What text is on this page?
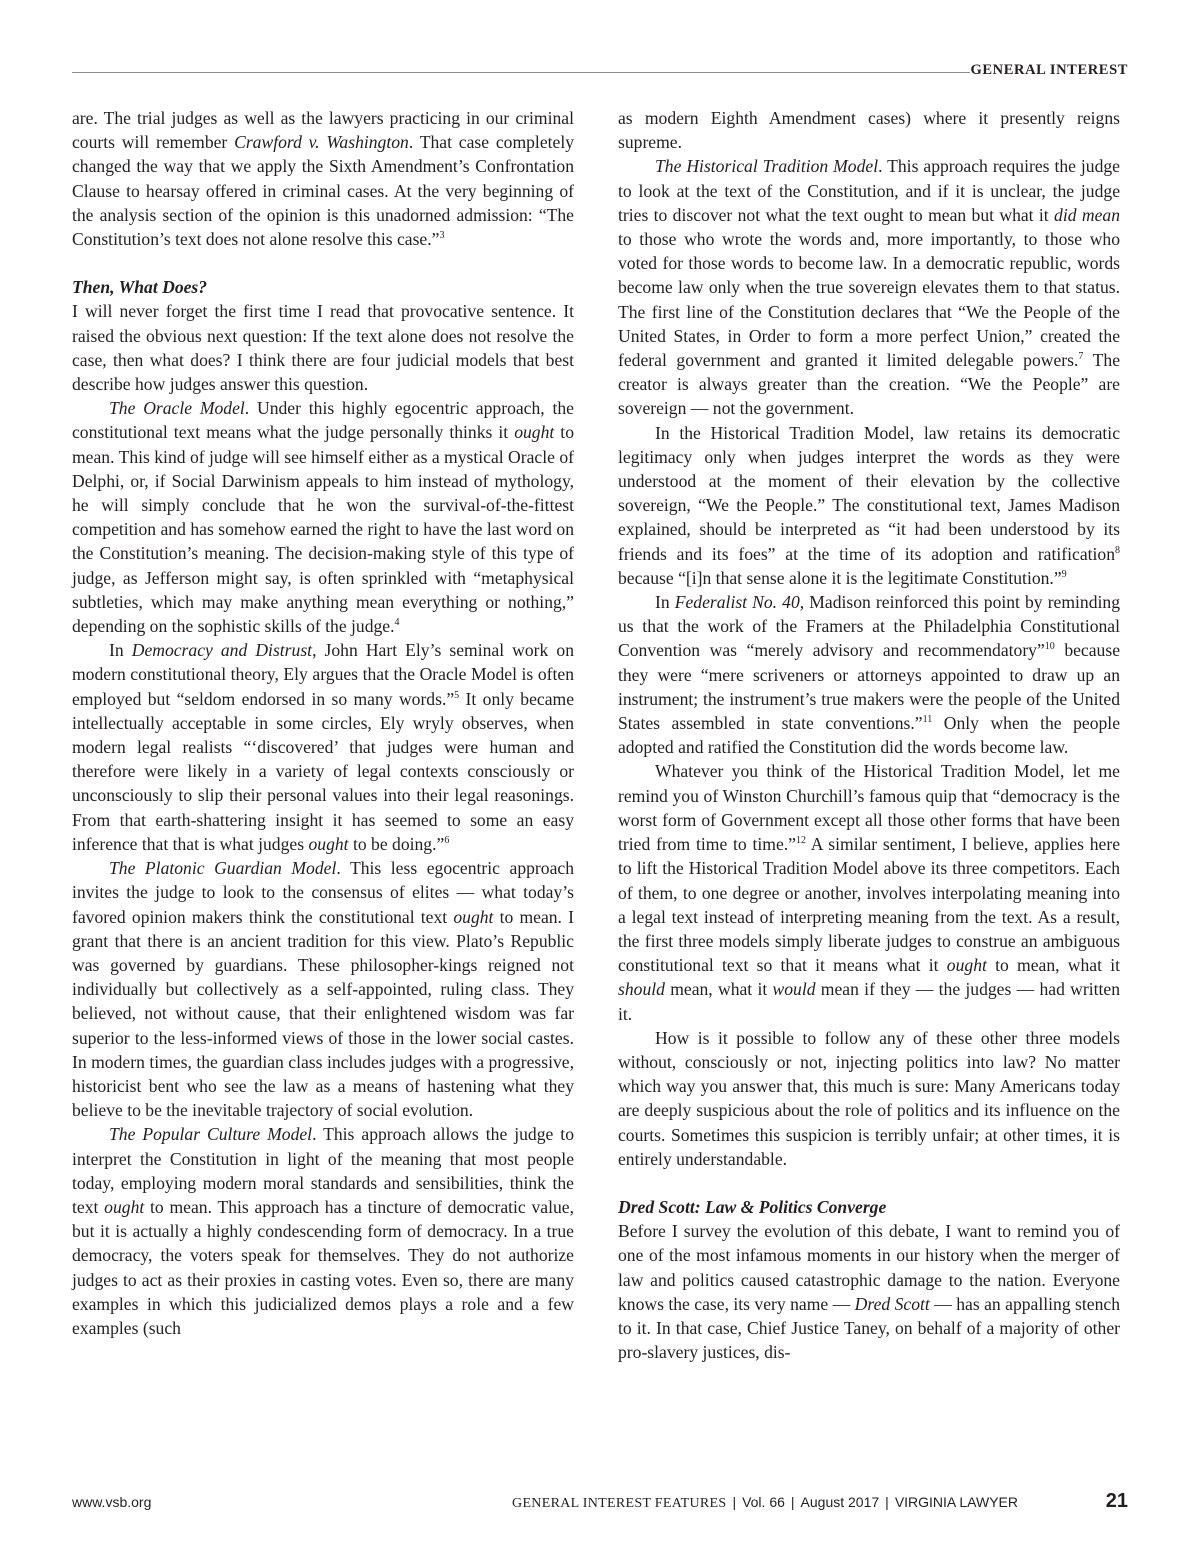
GENERAL INTEREST

are. The trial judges as well as the lawyers practicing in our criminal courts will remember Crawford v. Washington. That case completely changed the way that we apply the Sixth Amendment’s Confrontation Clause to hearsay offered in criminal cases. At the very beginning of the analysis section of the opinion is this unadorned admission: “The Constitution’s text does not alone resolve this case.”$^3$

Then, What Does?

I will never forget the first time I read that provocative sentence. It raised the obvious next question: If the text alone does not resolve the case, then what does? I think there are four judicial models that best describe how judges answer this question.

The Oracle Model. Under this highly egocentric approach, the constitutional text means what the judge personally thinks it ought to mean. This kind of judge will see himself either as a mystical Oracle of Delphi, or, if Social Darwinism appeals to him instead of mythology, he will simply conclude that he won the survival-of-the-fittest competition and has somehow earned the right to have the last word on the Constitution’s meaning. The decision-making style of this type of judge, as Jefferson might say, is often sprinkled with “metaphysical subtleties, which may make anything mean everything or nothing,” depending on the sophistic skills of the judge.$^4$

In Democracy and Distrust, John Hart Ely’s seminal work on modern constitutional theory, Ely argues that the Oracle Model is often employed but “seldom endorsed in so many words.”$^5$ It only became intellectually acceptable in some circles, Ely wryly observes, when modern legal realists “‘discovered’ that judges were human and therefore were likely in a variety of legal contexts consciously or unconsciously to slip their personal values into their legal reasonings. From that earth-shattering insight it has seemed to some an easy inference that that is what judges ought to be doing.”$^6$

The Platonic Guardian Model. This less egocentric approach invites the judge to look to the consensus of elites — what today’s favored opinion makers think the constitutional text ought to mean. I grant that there is an ancient tradition for this view. Plato’s Republic was governed by guardians. These philosopher-kings reigned not individually but collectively as a self-appointed, ruling class. They believed, not without cause, that their enlightened wisdom was far superior to the less-informed views of those in the lower social castes. In modern times, the guardian class includes judges with a progressive, historicist bent who see the law as a means of hastening what they believe to be the inevitable trajectory of social evolution.

The Popular Culture Model. This approach allows the judge to interpret the Constitution in light of the meaning that most people today, employing modern moral standards and sensibilities, think the text ought to mean. This approach has a tincture of democratic value, but it is actually a highly condescending form of democracy. In a true democracy, the voters speak for themselves. They do not authorize judges to act as their proxies in casting votes. Even so, there are many examples in which this judicialized demos plays a role and a few examples (such

as modern Eighth Amendment cases) where it presently reigns supreme.

The Historical Tradition Model. This approach requires the judge to look at the text of the Constitution, and if it is unclear, the judge tries to discover not what the text ought to mean but what it did mean to those who wrote the words and, more importantly, to those who voted for those words to become law. In a democratic republic, words become law only when the true sovereign elevates them to that status. The first line of the Constitution declares that “We the People of the United States, in Order to form a more perfect Union,” created the federal government and granted it limited delegable powers.$^7$ The creator is always greater than the creation. “We the People” are sovereign — not the government.

In the Historical Tradition Model, law retains its democratic legitimacy only when judges interpret the words as they were understood at the moment of their elevation by the collective sovereign, “We the People.” The constitutional text, James Madison explained, should be interpreted as “it had been understood by its friends and its foes” at the time of its adoption and ratification$^8$ because “[i]n that sense alone it is the legitimate Constitution.”$^9$

In Federalist No. 40, Madison reinforced this point by reminding us that the work of the Framers at the Philadelphia Constitutional Convention was “merely advisory and recommendatory”$^{10}$ because they were “mere scriveners or attorneys appointed to draw up an instrument; the instrument’s true makers were the people of the United States assembled in state conventions.”$^{11}$ Only when the people adopted and ratified the Constitution did the words become law.

Whatever you think of the Historical Tradition Model, let me remind you of Winston Churchill’s famous quip that “democracy is the worst form of Government except all those other forms that have been tried from time to time.”$^{12}$ A similar sentiment, I believe, applies here to lift the Historical Tradition Model above its three competitors. Each of them, to one degree or another, involves interpolating meaning into a legal text instead of interpreting meaning from the text. As a result, the first three models simply liberate judges to construe an ambiguous constitutional text so that it means what it ought to mean, what it should mean, what it would mean if they — the judges — had written it.

How is it possible to follow any of these other three models without, consciously or not, injecting politics into law? No matter which way you answer that, this much is sure: Many Americans today are deeply suspicious about the role of politics and its influence on the courts. Sometimes this suspicion is terribly unfair; at other times, it is entirely understandable.

Dred Scott: Law & Politics Converge

Before I survey the evolution of this debate, I want to remind you of one of the most infamous moments in our history when the merger of law and politics caused catastrophic damage to the nation. Everyone knows the case, its very name — Dred Scott — has an appalling stench to it. In that case, Chief Justice Taney, on behalf of a majority of other pro-slavery justices, dis-

www.vsb.org	GENERAL INTEREST FEATURES | Vol. 66 | August 2017 | VIRGINIA LAWYER	21
